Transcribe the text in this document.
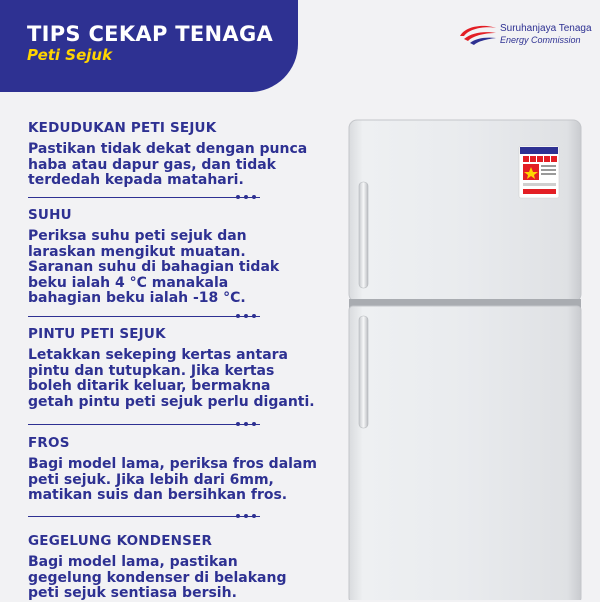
TIPS CEKAP TENAGA
Peti Sejuk
Suruhanjaya Tenaga
Energy Commission
KEDUDUKAN PETI SEJUK

Pastikan tidak dekat dengan punca
haba atau dapur gas, dan tidak
terdedah kepada matahari.

SUHU

Periksa suhu peti sejuk dan
laraskan mengikut muatan.
Saranan suhu di bahagian tidak
beku ialah 4 °C manakala
bahagian beku ialah -18 °C.

PINTU PETI SEJUK

Letakkan sekeping kertas antara
pintu dan tutupkan. Jika kertas
boleh ditarik keluar, bermakna
getah pintu peti sejuk perlu diganti.

FROS

Bagi model lama, periksa fros dalam
peti sejuk. Jika lebih dari 6mm,
matikan suis dan bersihkan fros.

GEGELUNG KONDENSER

Bagi model lama, pastikan
gegelung kondenser di belakang
peti sejuk sentiasa bersih.
